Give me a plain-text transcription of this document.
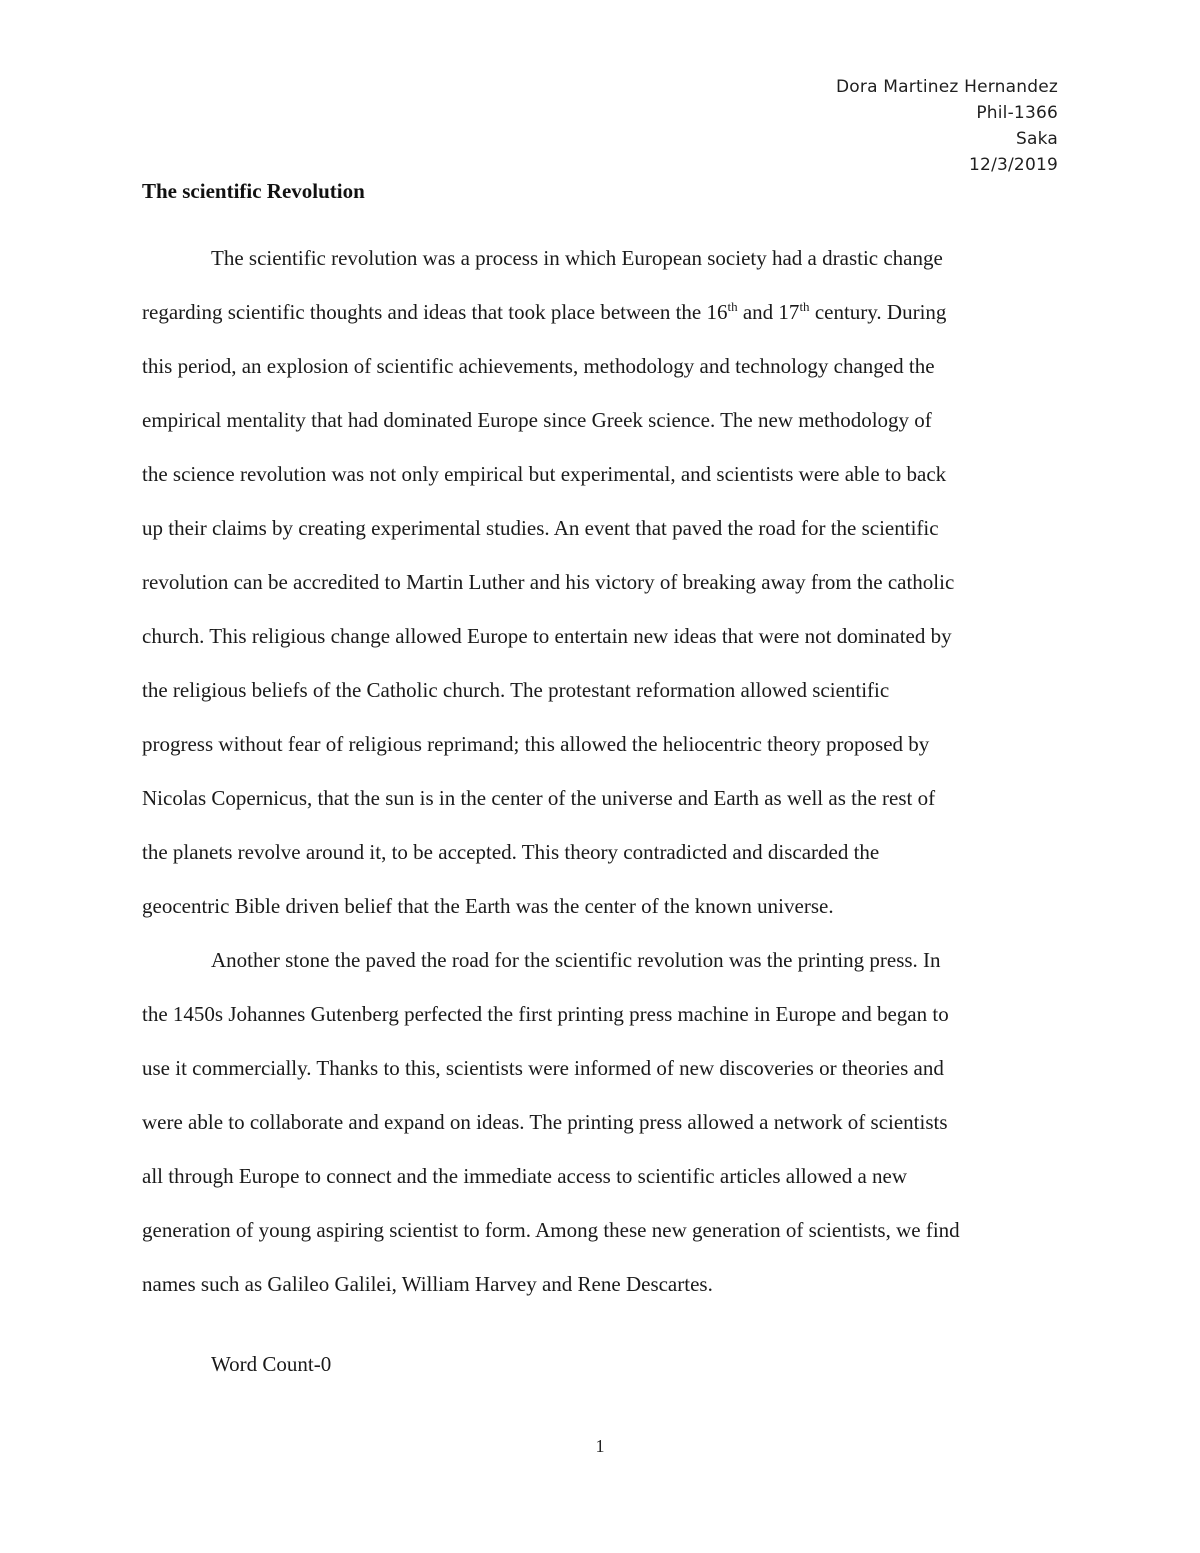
Dora Martinez Hernandez
Phil-1366
Saka
12/3/2019
The scientific Revolution
The scientific revolution was a process in which European society had a drastic change
regarding scientific thoughts and ideas that took place between the 16th and 17th century. During
this period, an explosion of scientific achievements, methodology and technology changed the
empirical mentality that had dominated Europe since Greek science. The new methodology of
the science revolution was not only empirical but experimental, and scientists were able to back
up their claims by creating experimental studies. An event that paved the road for the scientific
revolution can be accredited to Martin Luther and his victory of breaking away from the catholic
church. This religious change allowed Europe to entertain new ideas that were not dominated by
the religious beliefs of the Catholic church. The protestant reformation allowed scientific
progress without fear of religious reprimand; this allowed the heliocentric theory proposed by
Nicolas Copernicus, that the sun is in the center of the universe and Earth as well as the rest of
the planets revolve around it, to be accepted. This theory contradicted and discarded the
geocentric Bible driven belief that the Earth was the center of the known universe.
Another stone the paved the road for the scientific revolution was the printing press. In
the 1450s Johannes Gutenberg perfected the first printing press machine in Europe and began to
use it commercially. Thanks to this, scientists were informed of new discoveries or theories and
were able to collaborate and expand on ideas. The printing press allowed a network of scientists
all through Europe to connect and the immediate access to scientific articles allowed a new
generation of young aspiring scientist to form. Among these new generation of scientists, we find
names such as Galileo Galilei, William Harvey and Rene Descartes.
Word Count-0
1
